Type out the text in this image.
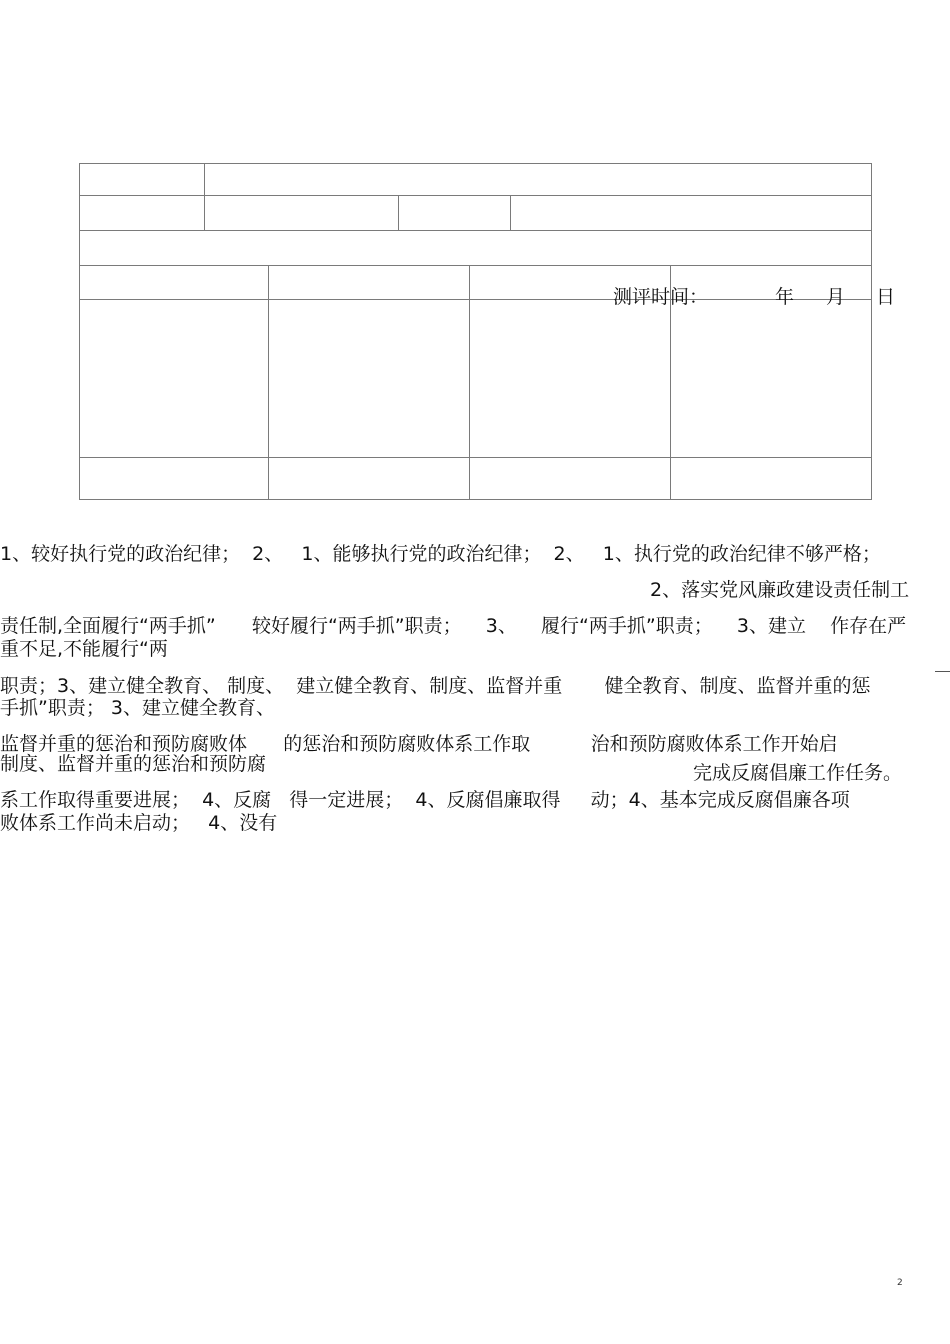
测评时间：	年 月 日
1、较好执行党的政治纪律；  2、   1、能够执行党的政治纪律；  2、   1、执行党的政治纪律不够严格；
2、落实党风廉政建设责任制工
责任制,全面履行“两手抓”      较好履行“两手抓”职责；    3、    履行“两手抓”职责；    3、建立    作存在严
重不足,不能履行“两
职责；3、建立健全教育、 制度、  建立健全教育、制度、监督并重       健全教育、制度、监督并重的惩
手抓”职责； 3、建立健全教育、
监督并重的惩治和预防腐败体      的惩治和预防腐败体系工作取          治和预防腐败体系工作开始启
制度、监督并重的惩治和预防腐	完成反腐倡廉工作任务。
系工作取得重要进展；  4、反腐   得一定进展；  4、反腐倡廉取得     动；4、基本完成反腐倡廉各项
败体系工作尚未启动；   4、没有
2
